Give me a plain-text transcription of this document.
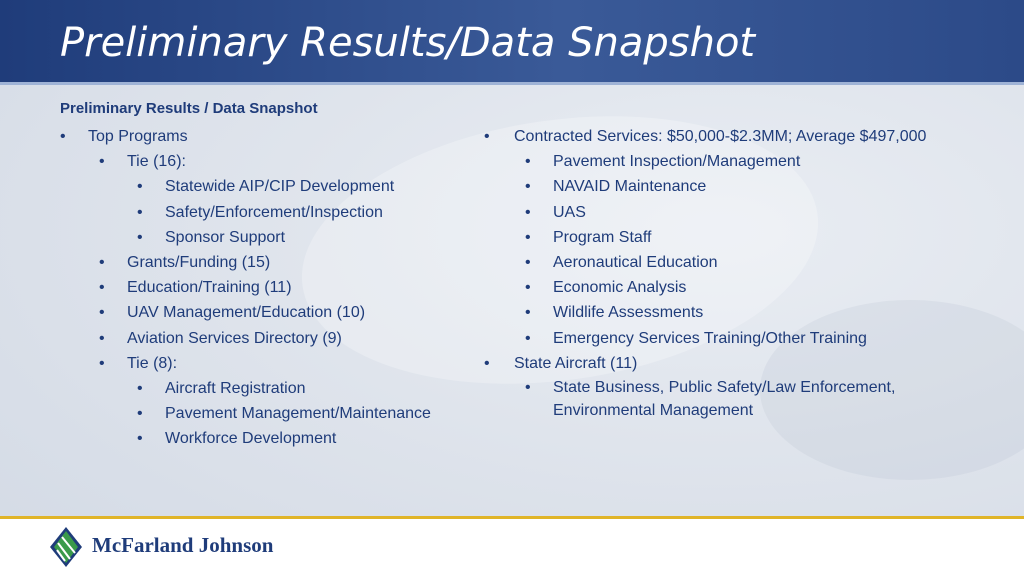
Preliminary Results/Data Snapshot
Preliminary Results / Data Snapshot
• Top Programs
• Tie (16):
• Statewide AIP/CIP Development
• Safety/Enforcement/Inspection
• Sponsor Support
• Grants/Funding (15)
• Education/Training (11)
• UAV Management/Education (10)
• Aviation Services Directory (9)
• Tie (8):
• Aircraft Registration
• Pavement Management/Maintenance
• Workforce Development
• Contracted Services: $50,000-$2.3MM; Average $497,000
• Pavement Inspection/Management
• NAVAID Maintenance
• UAS
• Program Staff
• Aeronautical Education
• Economic Analysis
• Wildlife Assessments
• Emergency Services Training/Other Training
• State Aircraft (11)
• State Business, Public Safety/Law Enforcement, Environmental Management
McFarland Johnson
